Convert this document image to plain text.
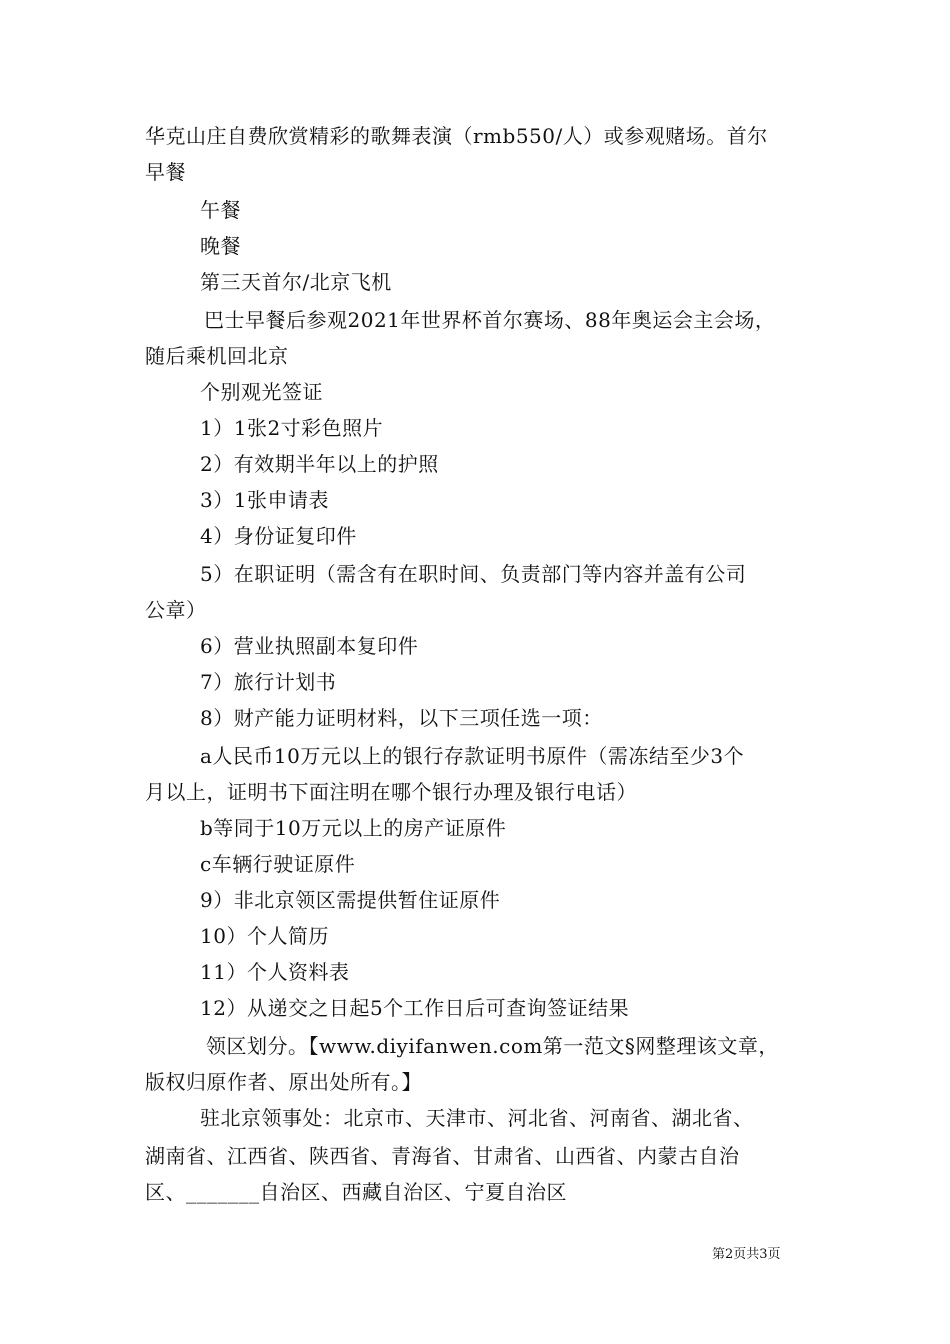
华克山庄自费欣赏精彩的歌舞表演（rmb550/人）或参观赌场。首尔
早餐
午餐
晚餐
第三天首尔/北京飞机
巴士早餐后参观2021年世界杯首尔赛场、88年奥运会主会场，
随后乘机回北京
个别观光签证
1）1张2寸彩色照片
2）有效期半年以上的护照
3）1张申请表
4）身份证复印件
5）在职证明（需含有在职时间、负责部门等内容并盖有公司
公章）
6）营业执照副本复印件
7）旅行计划书
8）财产能力证明材料，以下三项任选一项：
a人民币10万元以上的银行存款证明书原件（需冻结至少3个
月以上，证明书下面注明在哪个银行办理及银行电话）
b等同于10万元以上的房产证原件
c车辆行驶证原件
9）非北京领区需提供暂住证原件
10）个人简历
11）个人资料表
12）从递交之日起5个工作日后可查询签证结果
领区划分。【www.diyifanwen.com第一范文§网整理该文章，
版权归原作者、原出处所有。】
驻北京领事处：北京市、天津市、河北省、河南省、湖北省、
湖南省、江西省、陕西省、青海省、甘肃省、山西省、内蒙古自治
区、_______自治区、西藏自治区、宁夏自治区
第2页共3页
